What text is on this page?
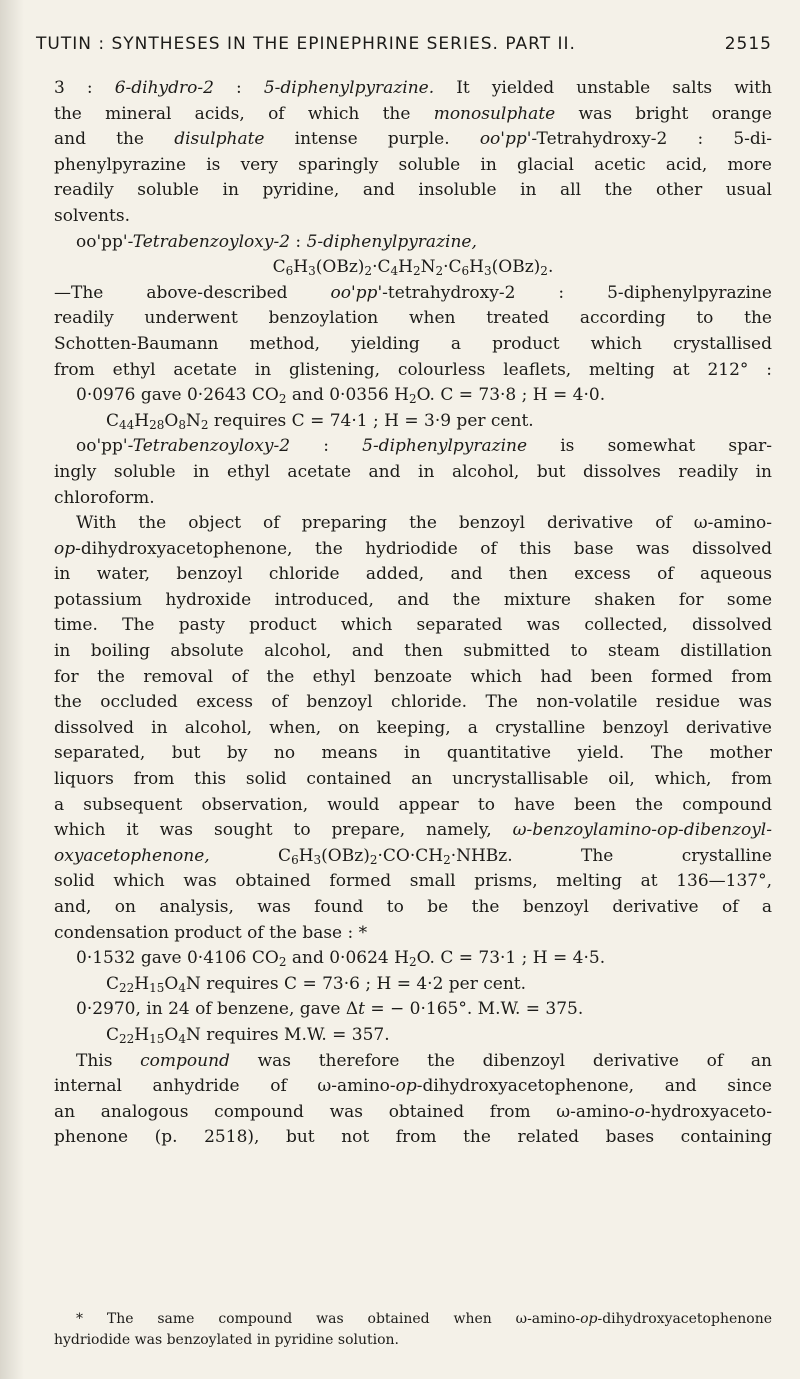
TUTIN : SYNTHESES IN THE EPINEPHRINE SERIES. PART II.	2515
3 : 6-dihydro-2 : 5-diphenylpyrazine. It yielded unstable salts with
the mineral acids, of which the monosulphate was bright orange
and the disulphate intense purple. oo'pp'-Tetrahydroxy-2 : 5-di-
phenylpyrazine is very sparingly soluble in glacial acetic acid, more
readily soluble in pyridine, and insoluble in all the other usual
solvents.
oo'pp'-Tetrabenzoyloxy-2 : 5-diphenylpyrazine,
$C_6H_3(OBz)_2\cdot C_4H_2N_2\cdot C_6H_3(OBz)_2$.
—The above-described oo'pp'-tetrahydroxy-2 : 5-diphenylpyrazine
readily underwent benzoylation when treated according to the
Schotten-Baumann method, yielding a product which crystallised
from ethyl acetate in glistening, colourless leaflets, melting at 212° :
0·0976 gave 0·2643 $CO_2$ and 0·0356 $H_2O$. C = 73·8 ; H = 4·0.
$C_{44}H_{28}O_8N_2$ requires C = 74·1 ; H = 3·9 per cent.
oo'pp'-Tetrabenzoyloxy-2 : 5-diphenylpyrazine is somewhat spar-
ingly soluble in ethyl acetate and in alcohol, but dissolves readily in
chloroform.
With the object of preparing the benzoyl derivative of ω-amino-
op-dihydroxyacetophenone, the hydriodide of this base was dissolved
in water, benzoyl chloride added, and then excess of aqueous
potassium hydroxide introduced, and the mixture shaken for some
time. The pasty product which separated was collected, dissolved
in boiling absolute alcohol, and then submitted to steam distillation
for the removal of the ethyl benzoate which had been formed from
the occluded excess of benzoyl chloride. The non-volatile residue was
dissolved in alcohol, when, on keeping, a crystalline benzoyl derivative
separated, but by no means in quantitative yield. The mother
liquors from this solid contained an uncrystallisable oil, which, from
a subsequent observation, would appear to have been the compound
which it was sought to prepare, namely, ω-benzoylamino-op-dibenzoyl-
oxyacetophenone, $C_6H_3(OBz)_2\cdot CO\cdot CH_2\cdot NHBz$. The crystalline
solid which was obtained formed small prisms, melting at 136—137°,
and, on analysis, was found to be the benzoyl derivative of a
condensation product of the base : *
0·1532 gave 0·4106 $CO_2$ and 0·0624 $H_2O$. C = 73·1 ; H = 4·5.
$C_{22}H_{15}O_4N$ requires C = 73·6 ; H = 4·2 per cent.
0·2970, in 24 of benzene, gave Δt = − 0·165°. M.W. = 375.
$C_{22}H_{15}O_4N$ requires M.W. = 357.
This compound was therefore the dibenzoyl derivative of an
internal anhydride of ω-amino-op-dihydroxyacetophenone, and since
an analogous compound was obtained from ω-amino-o-hydroxyaceto-
phenone (p. 2518), but not from the related bases containing
* The same compound was obtained when ω-amino-op-dihydroxyacetophenone
hydriodide was benzoylated in pyridine solution.
